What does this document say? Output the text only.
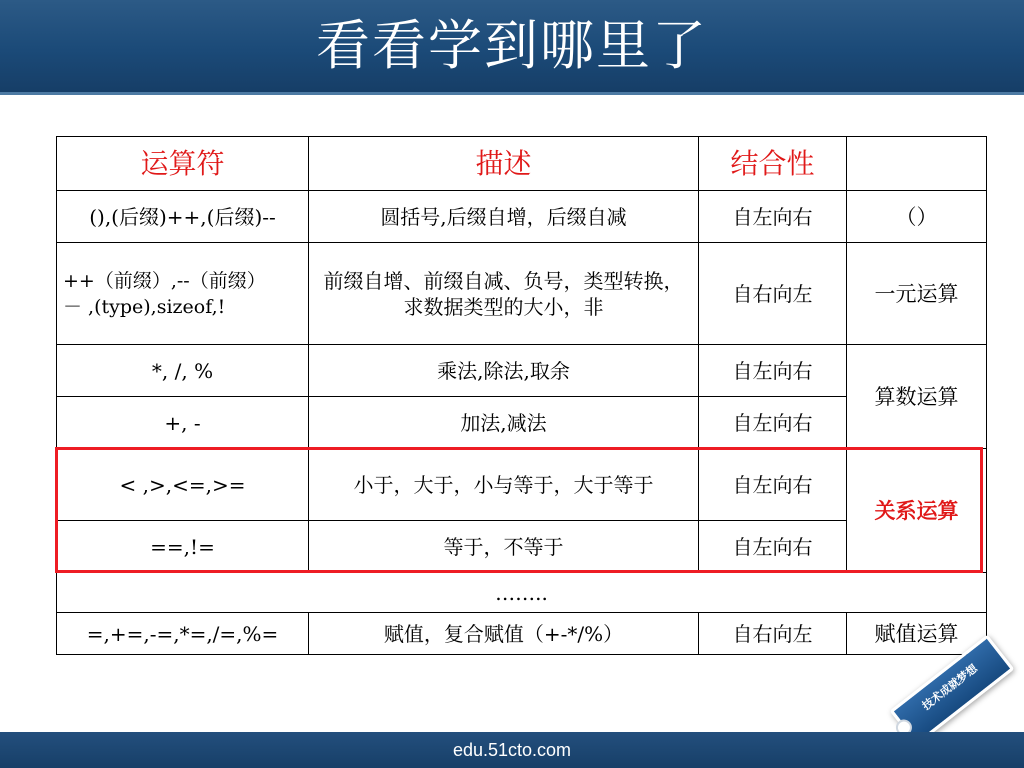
看看学到哪里了
运算符	描述	结合性	
(),(后缀)++,(后缀)--	圆括号,后缀自增，后缀自减	自左向右	（）
++（前缀）,--（前缀）
－ ,(type),sizeof,!	前缀自增、前缀自减、负号，类型转换，求数据类型的大小，非	自右向左	一元运算
*, /, %	乘法,除法,取余	自左向右	算数运算
+, -	加法,减法	自左向右	
< ,>,<=,>=	小于，大于，小与等于，大于等于	自左向右	关系运算
==,!=	等于，不等于	自左向右	
……..			
=,+=,-=,*=,/=,%=	赋值，复合赋值（+-*/%）	自右向左	赋值运算
技术成就梦想
edu.51cto.com
